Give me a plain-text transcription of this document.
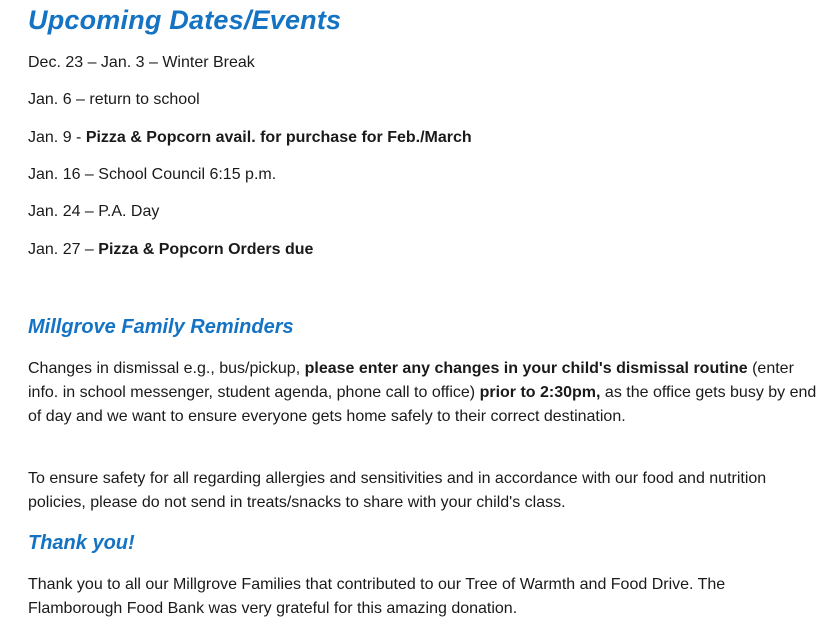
Upcoming Dates/Events
Dec. 23 – Jan. 3 – Winter Break
Jan. 6 – return to school
Jan. 9 - Pizza & Popcorn avail. for purchase for Feb./March
Jan. 16 – School Council 6:15 p.m.
Jan. 24 – P.A. Day
Jan. 27 – Pizza & Popcorn Orders due
Millgrove Family Reminders

Changes in dismissal e.g., bus/pickup, please enter any changes in your child's dismissal routine (enter info. in school messenger, student agenda, phone call to office) prior to 2:30pm, as the office gets busy by end of day and we want to ensure everyone gets home safely to their correct destination.

To ensure safety for all regarding allergies and sensitivities and in accordance with our food and nutrition policies, please do not send in treats/snacks to share with your child's class.

Thank you!

Thank you to all our Millgrove Families that contributed to our Tree of Warmth and Food Drive. The Flamborough Food Bank was very grateful for this amazing donation.
